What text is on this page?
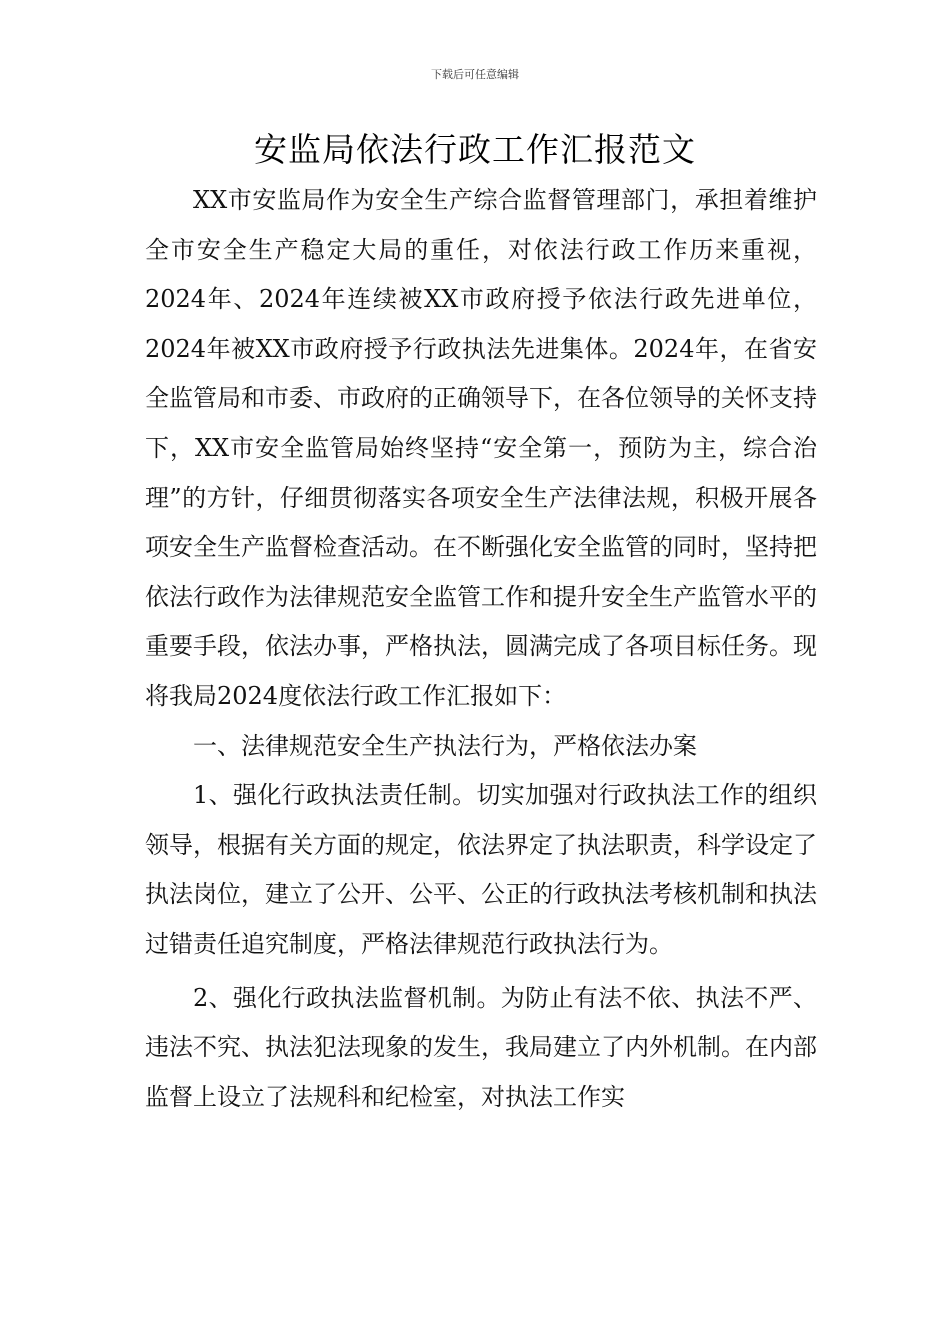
下载后可任意编辑
安监局依法行政工作汇报范文

XX市安监局作为安全生产综合监督管理部门，承担着维护全市安全生产稳定大局的重任，对依法行政工作历来重视，2024年、2024年连续被XX市政府授予依法行政先进单位，2024年被XX市政府授予行政执法先进集体。2024年，在省安全监管局和市委、市政府的正确领导下，在各位领导的关怀支持下，XX市安全监管局始终坚持“安全第一，预防为主，综合治理”的方针，仔细贯彻落实各项安全生产法律法规，积极开展各项安全生产监督检查活动。在不断强化安全监管的同时，坚持把依法行政作为法律规范安全监管工作和提升安全生产监管水平的重要手段，依法办事，严格执法，圆满完成了各项目标任务。现将我局2024度依法行政工作汇报如下：

一、法律规范安全生产执法行为，严格依法办案

1、强化行政执法责任制。切实加强对行政执法工作的组织领导，根据有关方面的规定，依法界定了执法职责，科学设定了执法岗位，建立了公开、公平、公正的行政执法考核机制和执法过错责任追究制度，严格法律规范行政执法行为。

2、强化行政执法监督机制。为防止有法不依、执法不严、违法不究、执法犯法现象的发生，我局建立了内外机制。在内部监督上设立了法规科和纪检室，对执法工作实
